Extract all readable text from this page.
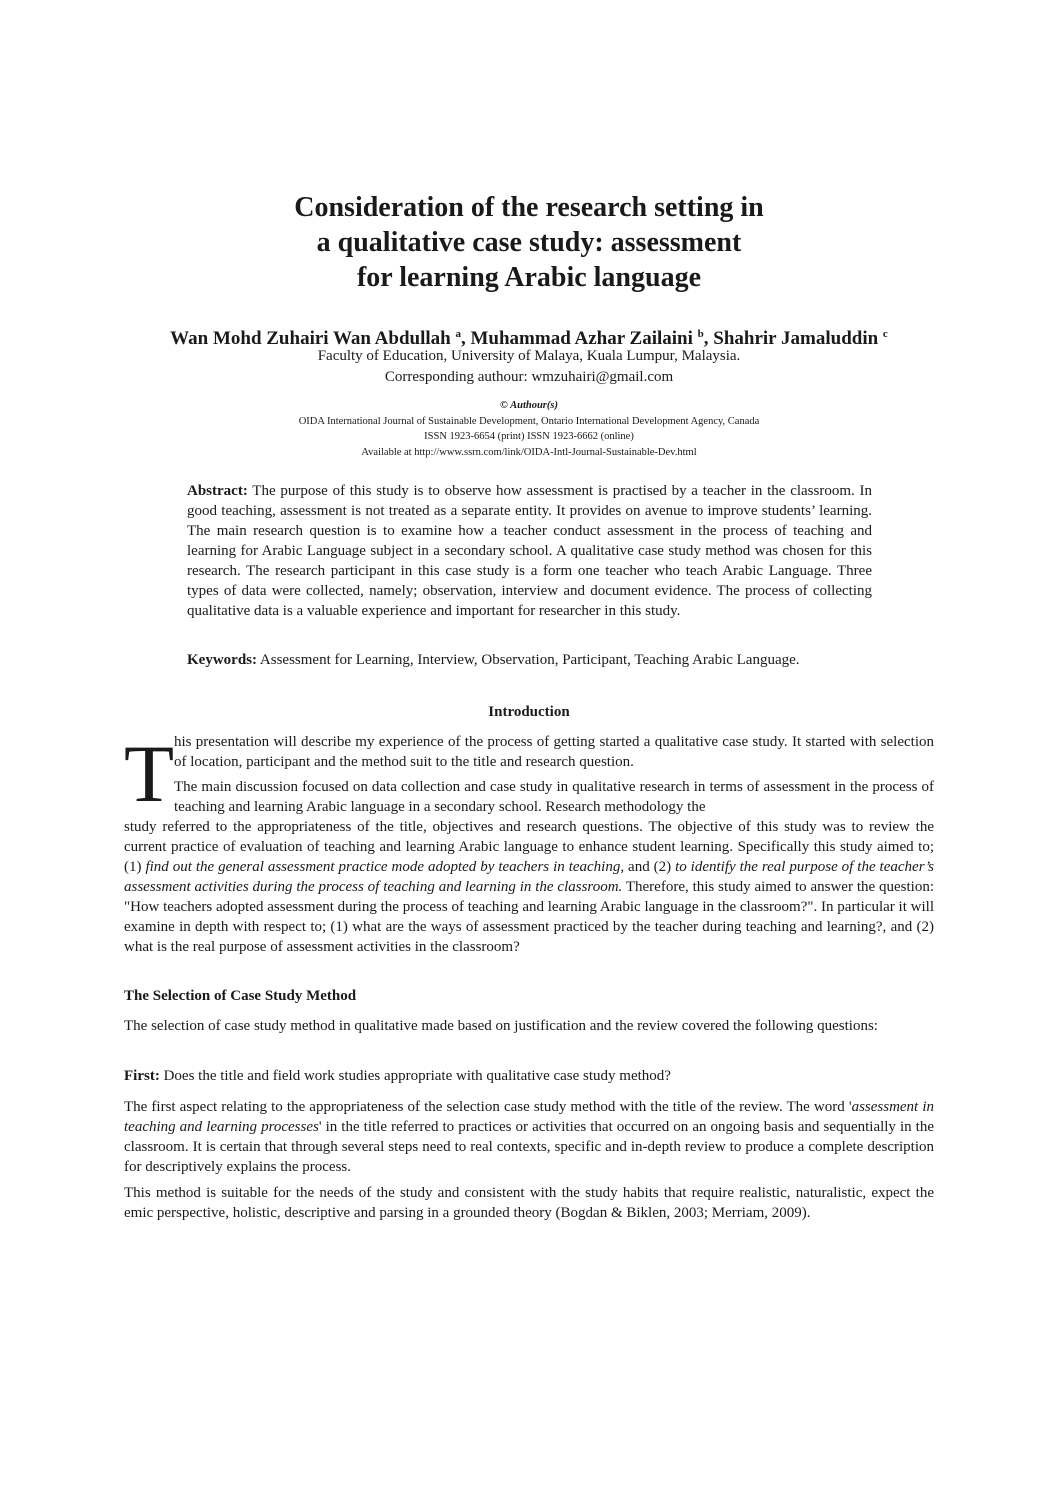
Consideration of the research setting in
a qualitative case study: assessment
for learning Arabic language

Wan Mohd Zuhairi Wan Abdullah $^a$, Muhammad Azhar Zailaini $^b$, Shahrir Jamaluddin $^c$

Faculty of Education, University of Malaya, Kuala Lumpur, Malaysia.
Corresponding authour: wmzuhairi@gmail.com

© Authour(s)
OIDA International Journal of Sustainable Development, Ontario International Development Agency, Canada
ISSN 1923-6654 (print) ISSN 1923-6662 (online)
Available at http://www.ssrn.com/link/OIDA-Intl-Journal-Sustainable-Dev.html

Abstract: The purpose of this study is to observe how assessment is practised by a teacher in the classroom. In good teaching, assessment is not treated as a separate entity. It provides on avenue to improve students’ learning. The main research question is to examine how a teacher conduct assessment in the process of teaching and learning for Arabic Language subject in a secondary school. A qualitative case study method was chosen for this research. The research participant in this case study is a form one teacher who teach Arabic Language. Three types of data were collected, namely; observation, interview and document evidence. The process of collecting qualitative data is a valuable experience and important for researcher in this study.

Keywords: Assessment for Learning, Interview, Observation, Participant, Teaching Arabic Language.

Introduction
T his presentation will describe my experience of the process of getting started a qualitative case study. It started with selection of location, participant and the method suit to the title and research question.

The main discussion focused on data collection and case study in qualitative research in terms of assessment in the process of teaching and learning Arabic language in a secondary school. Research methodology the

study referred to the appropriateness of the title, objectives and research questions. The objective of this study was to review the current practice of evaluation of teaching and learning Arabic language to enhance student learning. Specifically this study aimed to; (1) find out the general assessment practice mode adopted by teachers in teaching, and (2) to identify the real purpose of the teacher’s assessment activities during the process of teaching and learning in the classroom. Therefore, this study aimed to answer the question: "How teachers adopted assessment during the process of teaching and learning Arabic language in the classroom?". In particular it will examine in depth with respect to; (1) what are the ways of assessment practiced by the teacher during teaching and learning?, and (2) what is the real purpose of assessment activities in the classroom?

The Selection of Case Study Method

The selection of case study method in qualitative made based on justification and the review covered the following questions:

First: Does the title and field work studies appropriate with qualitative case study method?

The first aspect relating to the appropriateness of the selection case study method with the title of the review. The word 'assessment in teaching and learning processes' in the title referred to practices or activities that occurred on an ongoing basis and sequentially in the classroom. It is certain that through several steps need to real contexts, specific and in-depth review to produce a complete description for descriptively explains the process.

This method is suitable for the needs of the study and consistent with the study habits that require realistic, naturalistic, expect the emic perspective, holistic, descriptive and parsing in a grounded theory (Bogdan & Biklen, 2003; Merriam, 2009).
